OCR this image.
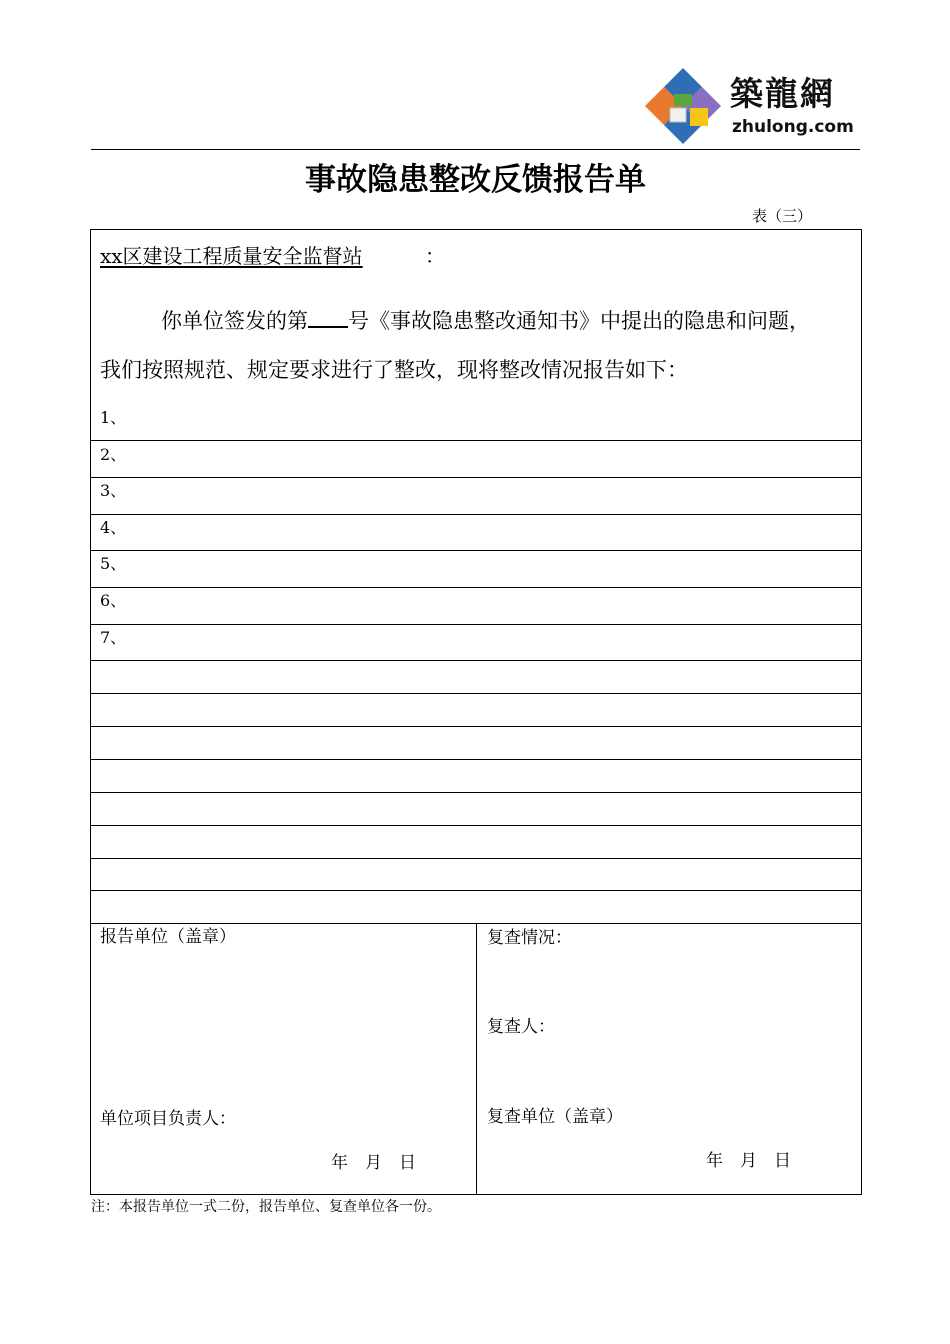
築龍網
zhulong.com
事故隐患整改反馈报告单
表（三）
xx区建设工程质量安全监督站	：
你单位签发的第 号《事故隐患整改通知书》中提出的隐患和问题，
我们按照规范、规定要求进行了整改，现将整改情况报告如下：
1、
2、
3、
4、
5、
6、
7、
报告单位（盖章）
单位项目负责人：
年　月　日
复查情况：
复查人：
复查单位（盖章）
年　月　日
注：本报告单位一式二份，报告单位、复查单位各一份。
